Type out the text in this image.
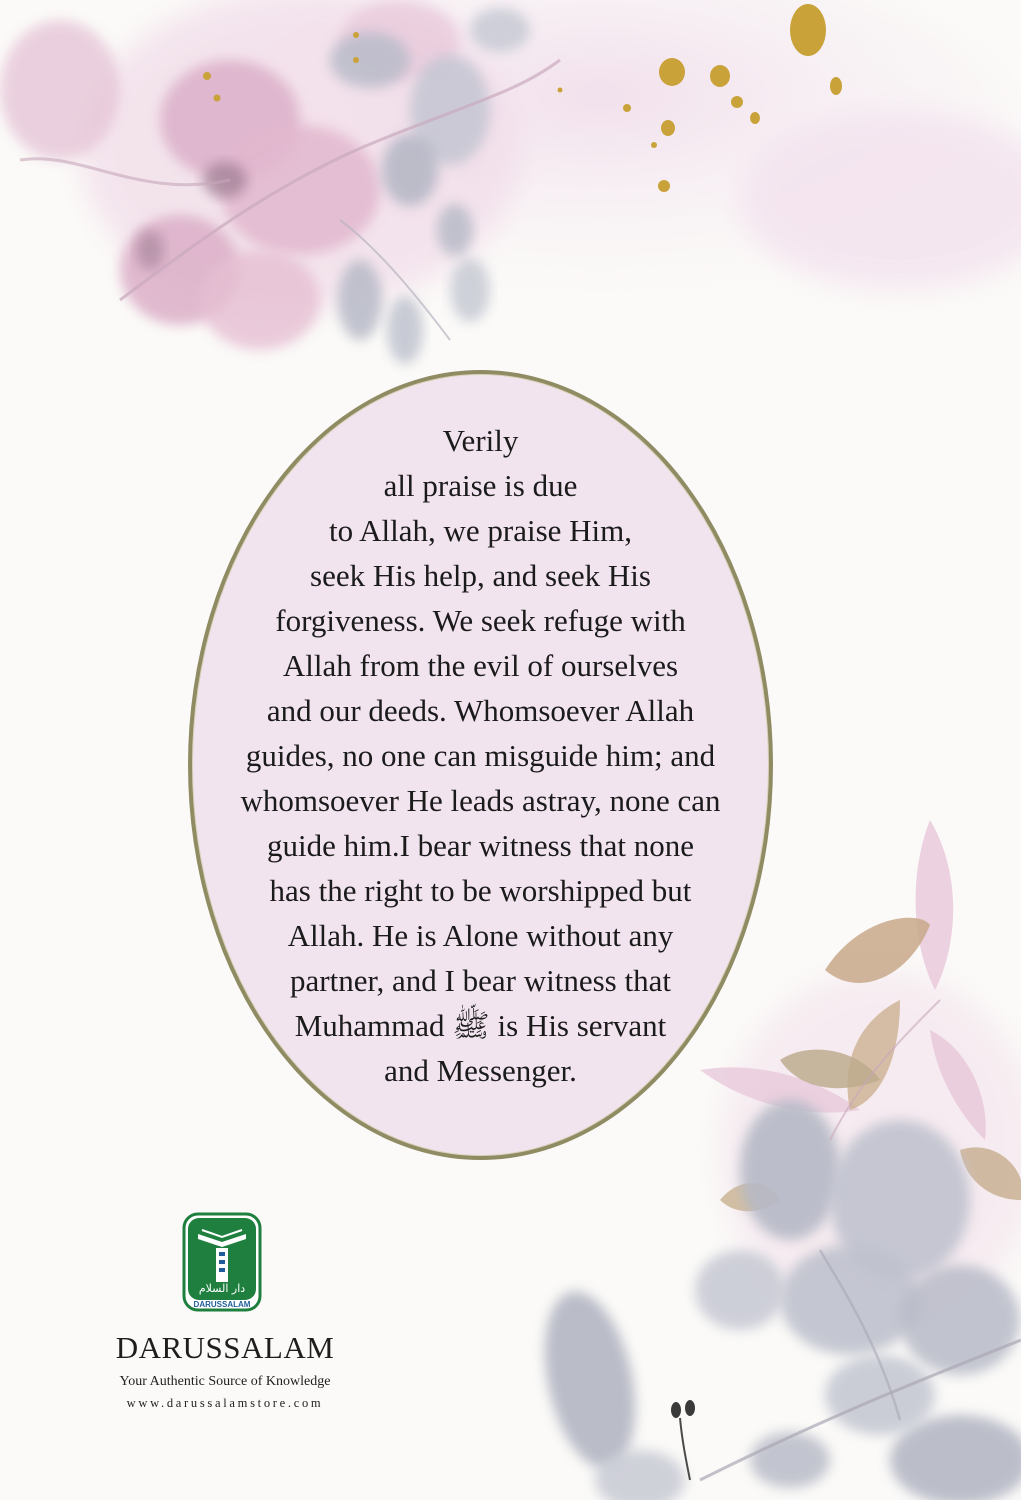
Verily
all praise is due
to Allah, we praise Him,
seek His help, and seek His
forgiveness. We seek refuge with
Allah from the evil of ourselves
and our deeds. Whomsoever Allah
guides, no one can misguide him; and
whomsoever He leads astray, none can
guide him.I bear witness that none
has the right to be worshipped but
Allah. He is Alone without any
partner, and I bear witness that
Muhammad ﷺ is His servant
and Messenger.
دار السلام
DARUSSALAM
DARUSSALAM
Your Authentic Source of Knowledge
www.darussalamstore.com
